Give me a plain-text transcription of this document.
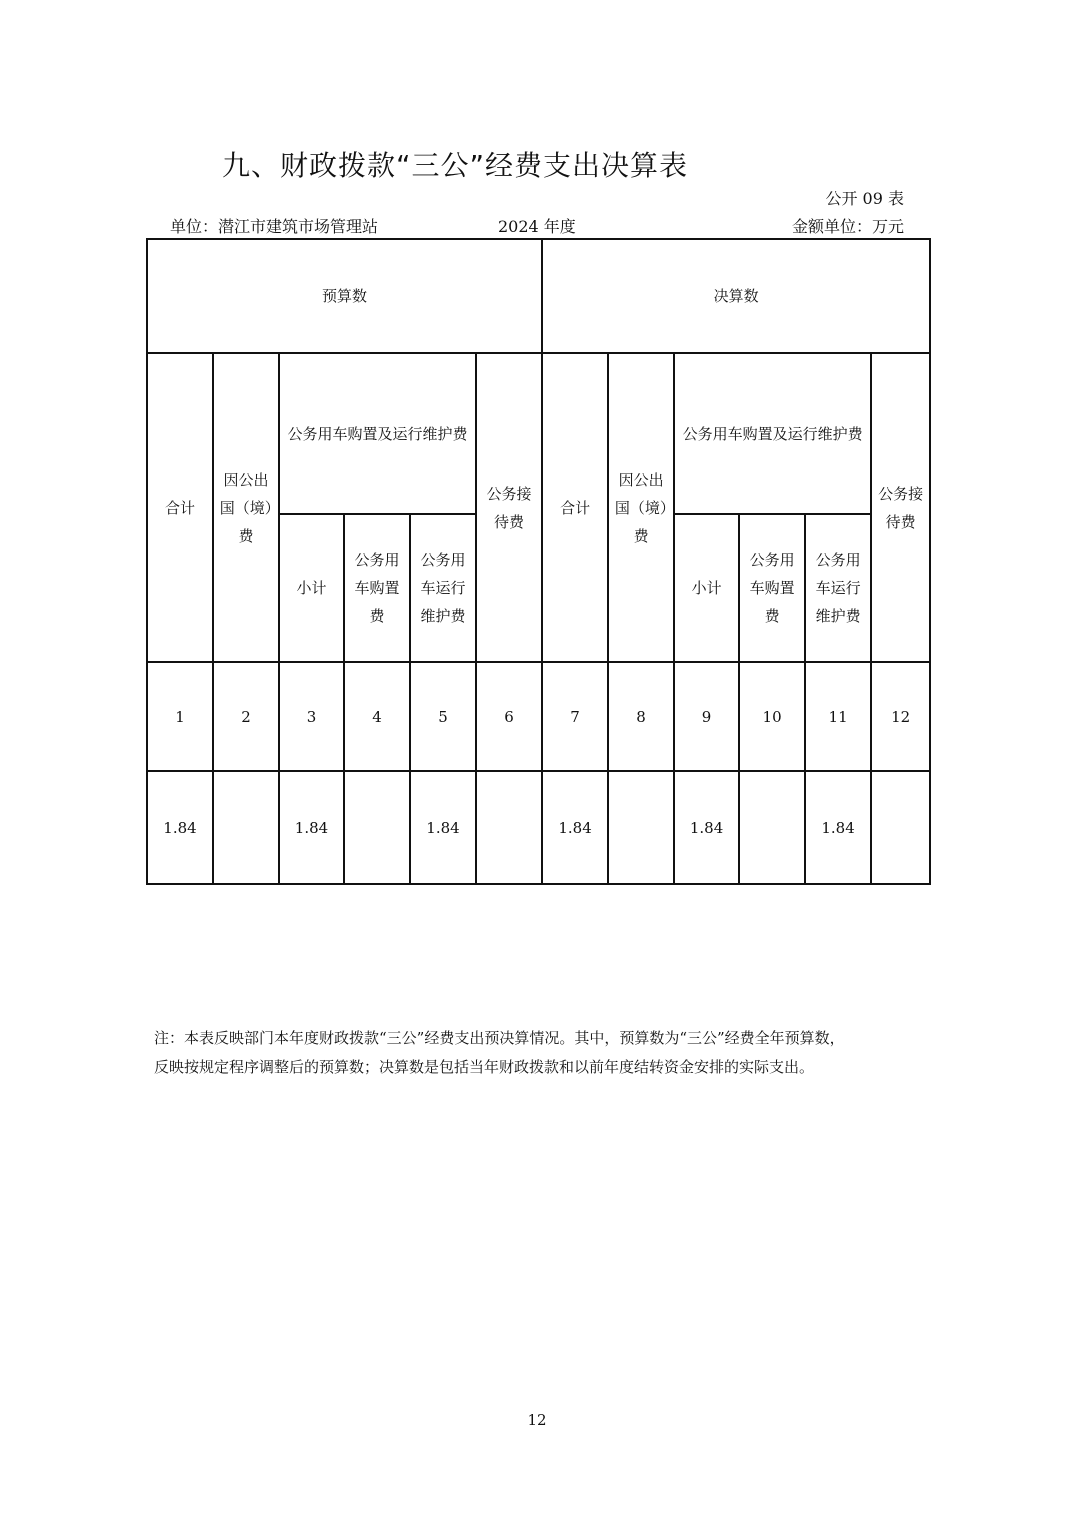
九、财政拨款“三公”经费支出决算表
公开 09 表
单位：潜江市建筑市场管理站	2024 年度	金额单位：万元
预算数						决算数					
合计	因公出国（境）费	公务用车购置及运行维护费			公务接待费	合计	因公出国（境）费	公务用车购置及运行维护费			公务接待费
		小计	公务用车购置费	公务用车运行维护费				小计	公务用车购置费	公务用车运行维护费	
1	2	3	4	5	6	7	8	9	10	11	12
1.84		1.84		1.84		1.84		1.84		1.84	
注：本表反映部门本年度财政拨款“三公”经费支出预决算情况。其中，预算数为“三公”经费全年预算数，
反映按规定程序调整后的预算数；决算数是包括当年财政拨款和以前年度结转资金安排的实际支出。
12
